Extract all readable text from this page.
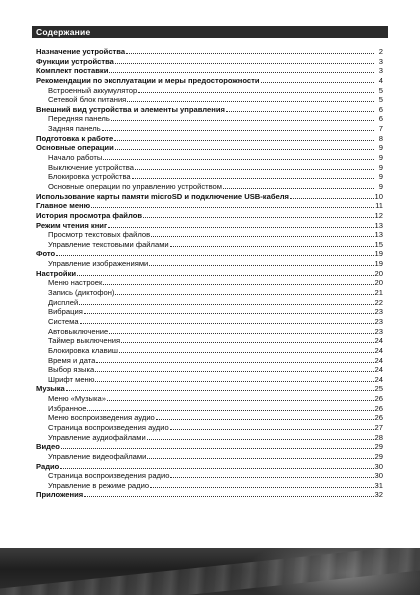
Содержание
Назначение устройства	2
Функции устройства	3
Комплект поставки	3
Рекомендации по эксплуатации и меры предосторожности	4
Встроенный аккумулятор	5
Сетевой блок питания	5
Внешний вид устройства и элементы управления	6
Передняя панель	6
Задняя панель	7
Подготовка к работе	8
Основные операции	9
Начало работы	9
Выключение устройства	9
Блокировка устройства	9
Основные операции по управлению устройством	9
Использование карты памяти microSD и подключение USB-кабеля	10
Главное меню	11
История просмотра файлов	12
Режим чтения книг	13
Просмотр текстовых файлов	13
Управление текстовыми файлами	15
Фото	19
Управление изображениями	19
Настройки	20
Меню настроек	20
Запись (диктофон)	21
Дисплей	22
Вибрация	23
Система	23
Автовыключение	23
Таймер выключения	24
Блокировка клавиш	24
Время и дата	24
Выбор языка	24
Шрифт меню	24
Музыка	25
Меню «Музыка»	26
Избранное	26
Меню воспроизведения аудио	26
Страница воспроизведения аудио	27
Управление аудиофайлами	28
Видео	29
Управление видеофайлами	29
Радио	30
Страница воспроизведения радио	30
Управление в режиме радио	31
Приложения	32
